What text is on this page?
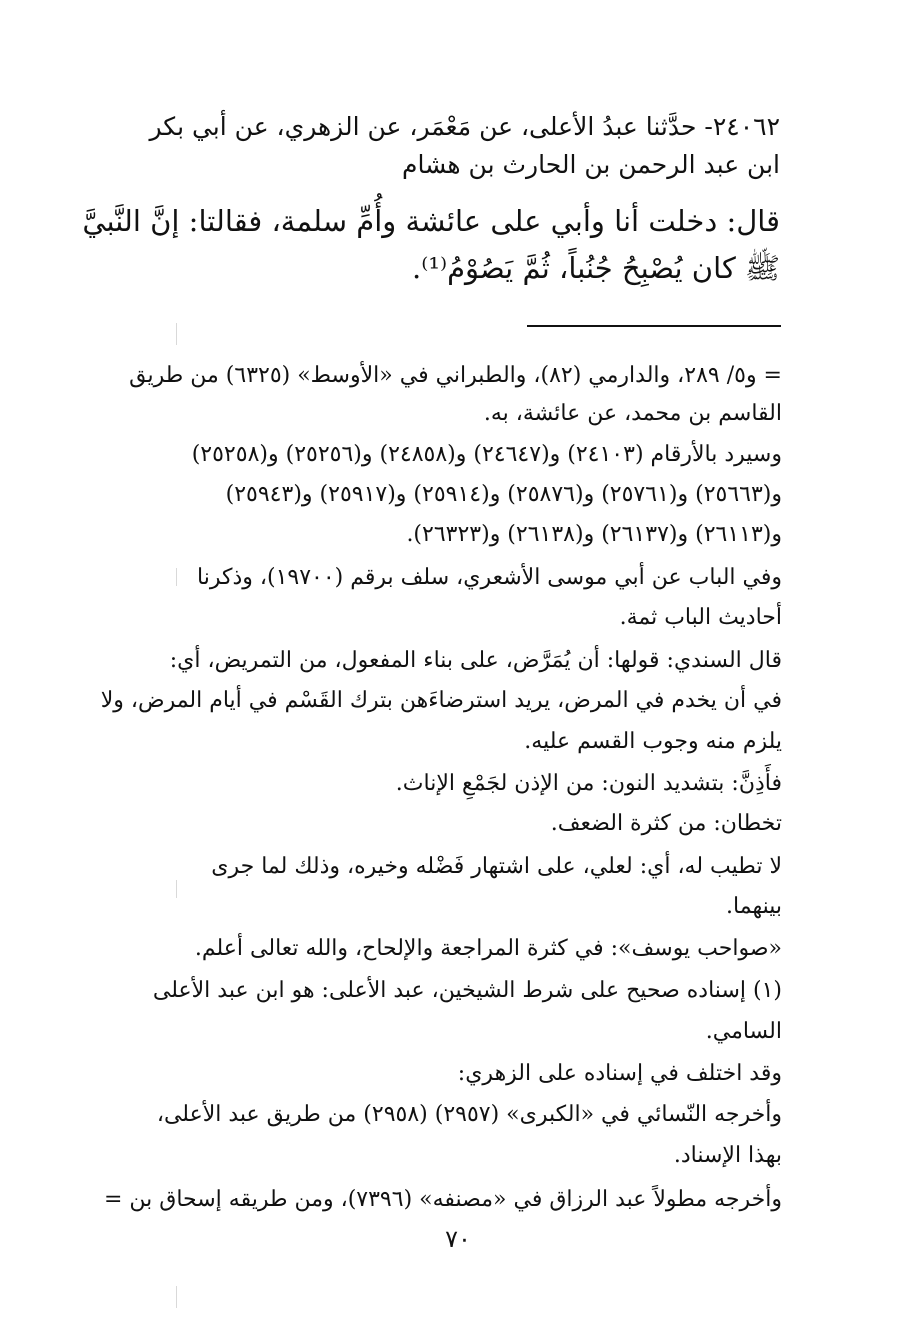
٢٤٠٦٢- حدَّثنا عبدُ الأعلى، عن مَعْمَر، عن الزهري، عن أبي بكر
ابن عبد الرحمن بن الحارث بن هشام
قال: دخلت أنا وأبي على عائشة وأُمِّ سلمة، فقالتا: إنَّ النَّبيَّ
ﷺ كان يُصْبِحُ جُنُباً، ثُمَّ يَصُوْمُ⁽¹⁾.
= و٥/ ٢٨٩، والدارمي (٨٢)، والطبراني في «الأوسط» (٦٣٢٥) من طريق
القاسم بن محمد، عن عائشة، به.
وسيرد بالأرقام (٢٤١٠٣) و(٢٤٦٤٧) و(٢٤٨٥٨) و(٢٥٢٥٦) و(٢٥٢٥٨)
و(٢٥٦٦٣) و(٢٥٧٦١) و(٢٥٨٧٦) و(٢٥٩١٤) و(٢٥٩١٧) و(٢٥٩٤٣)
و(٢٦١١٣) و(٢٦١٣٧) و(٢٦١٣٨) و(٢٦٣٢٣).
وفي الباب عن أبي موسى الأشعري، سلف برقم (١٩٧٠٠)، وذكرنا
أحاديث الباب ثمة.
قال السندي: قولها: أن يُمَرَّض، على بناء المفعول، من التمريض، أي:
في أن يخدم في المرض، يريد استرضاءَهن بترك القَسْم في أيام المرض، ولا
يلزم منه وجوب القسم عليه.
فأَذِنَّ: بتشديد النون: من الإذن لجَمْعِ الإناث.
تخطان: من كثرة الضعف.
لا تطيب له، أي: لعلي، على اشتهار فَضْله وخيره، وذلك لما جرى
بينهما.
«صواحب يوسف»: في كثرة المراجعة والإلحاح، والله تعالى أعلم.
(١) إسناده صحيح على شرط الشيخين، عبد الأعلى: هو ابن عبد الأعلى
السامي.
وقد اختلف في إسناده على الزهري:
وأخرجه النّسائي في «الكبرى» (٢٩٥٧) (٢٩٥٨) من طريق عبد الأعلى،
بهذا الإسناد.
وأخرجه مطولاً عبد الرزاق في «مصنفه» (٧٣٩٦)، ومن طريقه إسحاق بن =
٧٠
